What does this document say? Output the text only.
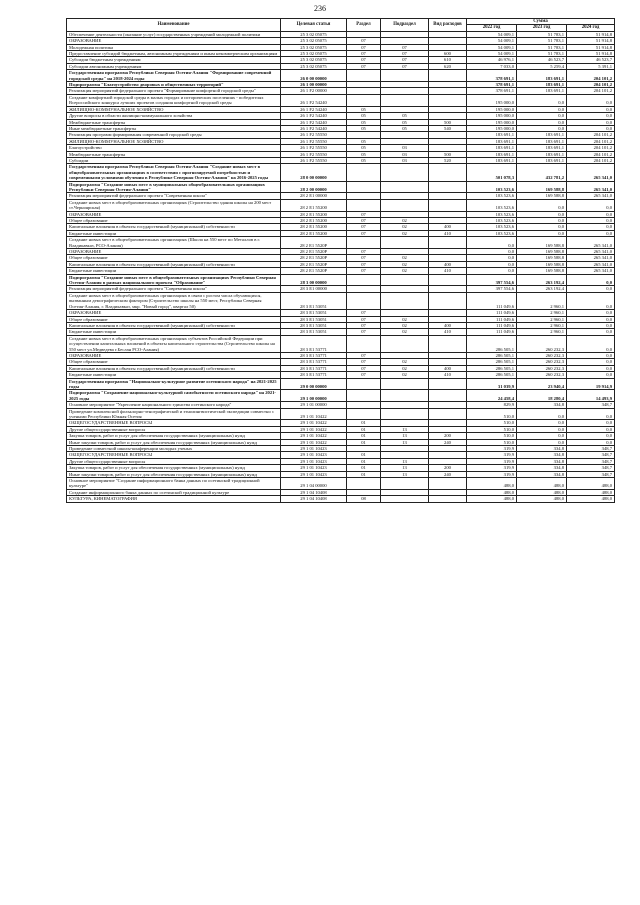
236
Наименование	Целевая статья	Раздел	Подраздел	Вид расходов	Сумма		
					2022 год	2023 год	2024 год
Обеспечение деятельности (оказание услуг) государственных учреждений молодежной политики	25 3 02 05075				54 009,1	51 783,1	51 914,8
ОБРАЗОВАНИЕ	25 3 02 05075	07			54 009,1	51 783,1	51 914,8
Молодежная политика	25 3 02 05075	07	07		54 009,1	51 783,1	51 914,8
Предоставление субсидий бюджетным, автономным учреждениям и иным некоммерческим организациям	25 3 02 05075	07	07	600	54 009,1	51 783,1	51 914,8
Субсидии бюджетным учреждениям	25 3 02 05075	07	07	610	46 976,1	46 523,7	46 523,7
Субсидии автономным учреждениям	25 3 02 05075	07	07	620	7 033,0	5 259,4	5 391,1
Государственная программа Республики Северная Осетия-Алания "Формирование современной городской среды" на 2018-2024 годы	26 0 00 00000				378 691,1	183 691,1	204 101,2
Подпрограмма "Благоустройство дворовых и общественных территорий"	26 1 00 00000				378 691,1	183 691,1	204 101,2
Реализация мероприятий федерального проекта "Формирование комфортной городской среды"	26 1 F2 00000				378 691,1	183 691,1	204 101,2
Создание комфортной городской среды в малых городах и исторических поселениях - победителях Всероссийского конкурса лучших проектов создания комфортной городской среды	26 1 F2 54240				195 000,0	0,0	0,0
ЖИЛИЩНО-КОММУНАЛЬНОЕ ХОЗЯЙСТВО	26 1 F2 54240	05			195 000,0	0,0	0,0
Другие вопросы в области жилищно-коммунального хозяйства	26 1 F2 54240	05	05		195 000,0	0,0	0,0
Межбюджетные трансферты	26 1 F2 54240	05	05	500	195 000,0	0,0	0,0
Иные межбюджетные трансферты	26 1 F2 54240	05	05	540	195 000,0	0,0	0,0
Реализация программ формирования современной городской среды	26 1 F2 55550				183 691,1	183 691,1	204 101,2
ЖИЛИЩНО-КОММУНАЛЬНОЕ ХОЗЯЙСТВО	26 1 F2 55550	05			183 691,1	183 691,1	204 101,2
Благоустройство	26 1 F2 55550	05	03		183 691,1	183 691,1	204 101,2
Межбюджетные трансферты	26 1 F2 55550	05	03	500	183 691,1	183 691,1	204 101,2
Субсидии	26 1 F2 55550	05	03	520	183 691,1	183 691,1	204 101,2
Государственная программа Республики Северная Осетия-Алания "Создание новых мест в общеобразовательных организациях в соответствии с прогнозируемой потребностью и современными условиями обучения в Республике Северная Осетия-Алания" на 2016-2025 годы	28 0 00 00000				501 078,3	432 781,2	265 341,0
Подпрограмма "Создание новых мест в муниципальных общеобразовательных организациях Республики Северная Осетия-Алания"	28 2 00 00000				103 523,6	169 588,8	265 341,0
Реализация мероприятий федерального проекта "Современная школа"	28 2 E1 00000				103 523,6	169 588,8	265 341,0
Создание новых мест в общеобразовательных организациях (Строительство здания школы на 200 мест ст.Черноярская)	28 2 E1 55200				103 523,6	0,0	0,0
ОБРАЗОВАНИЕ	28 2 E1 55200	07			103 523,6	0,0	0,0
Общее образование	28 2 E1 55200	07	02		103 523,6	0,0	0,0
Капитальные вложения в объекты государственной (муниципальной) собственности	28 2 E1 55200	07	02	400	103 523,6	0,0	0,0
Бюджетные инвестиции	28 2 E1 55200	07	02	410	103 523,6	0,0	0,0
Создание новых мест в общеобразовательных организациях (Школа на 550 мест по Металлов в г. Владикавказ, РСО-Алания)	28 2 E1 5520P				0,0	169 588,8	265 341,0
ОБРАЗОВАНИЕ	28 2 E1 5520P	07			0,0	169 588,8	265 341,0
Общее образование	28 2 E1 5520P	07	02		0,0	169 588,8	265 341,0
Капитальные вложения в объекты государственной (муниципальной) собственности	28 2 E1 5520P	07	02	400	0,0	169 588,8	265 341,0
Бюджетные инвестиции	28 2 E1 5520P	07	02	410	0,0	169 588,8	265 341,0
Подпрограмма "Создание новых мест в общеобразовательных организациях Республики Северная Осетия-Алания в рамках национального проекта "Образование"	28 3 00 00000				397 554,6	263 192,4	0,0
Реализация мероприятий федерального проекта "Современная школа"	28 3 E1 00000				397 554,6	263 192,4	0,0
Создание новых мест в общеобразовательных организациях в связи с ростом числа обучающихся, вызванным демографическим фактором (Строительство школы на 550 мест, Республика Северная Осетия-Алания, г. Владикавказ, мкр. "Новый город", квартал 50)	28 3 E1 53051				111 049,6	2 960,1	0,0
ОБРАЗОВАНИЕ	28 3 E1 53051	07			111 049,6	2 960,1	0,0
Общее образование	28 3 E1 53051	07	02		111 049,6	2 960,1	0,0
Капитальные вложения в объекты государственной (муниципальной) собственности	28 3 E1 53051	07	02	400	111 049,6	2 960,1	0,0
Бюджетные инвестиции	28 3 E1 53051	07	02	410	111 049,6	2 960,1	0,0
Создание новых мест в общеобразовательных организациях субъектов Российской Федерации при осуществлении капитальных вложений в объекты капитального строительства (Строительство школы на 550 мест ул.Медведева г.Беслан РСО-Алания)	28 3 E1 53771				286 505,1	260 232,3	0,0
ОБРАЗОВАНИЕ	28 3 E1 53771	07			286 505,1	260 232,3	0,0
Общее образование	28 3 E1 53771	07	02		286 505,1	260 232,3	0,0
Капитальные вложения в объекты государственной (муниципальной) собственности	28 3 E1 53771	07	02	400	286 505,1	260 232,3	0,0
Бюджетные инвестиции	28 3 E1 53771	07	02	410	286 505,1	260 232,3	0,0
Государственная программа "Национально-культурное развитие осетинского народа" на 2021-2025 годы	29 0 00 00000				31 039,9	23 940,4	19 914,9
Подпрограмма "Сохранение национально-культурной самобытности осетинского народа" на 2021-2025 годы	29 1 00 00000				24 458,4	18 280,4	14 493,9
Основное мероприятие "Укрепление национального единства осетинского народа"	29 1 01 00000				829,9	334,8	348,7
Проведение комплексной фольклорно-этнографической и этнолингвистической экспедиции совместно с учеными Республики Южная Осетия	29 1 01 10422				510,0	0,0	0,0
ОБЩЕГОСУДАРСТВЕННЫЕ ВОПРОСЫ	29 1 01 10422	01			510,0	0,0	0,0
Другие общегосударственные вопросы	29 1 01 10422	01	13		510,0	0,0	0,0
Закупка товаров, работ и услуг для обеспечения государственных (муниципальных) нужд	29 1 01 10422	01	13	200	510,0	0,0	0,0
Иные закупки товаров, работ и услуг для обеспечения государственных (муниципальных) нужд	29 1 01 10422	01	13	240	510,0	0,0	0,0
Проведение совместной школы-конференции молодых ученых	29 1 01 10423				319,9	334,8	348,7
ОБЩЕГОСУДАРСТВЕННЫЕ ВОПРОСЫ	29 1 01 10423	01			319,9	334,8	348,7
Другие общегосударственные вопросы	29 1 01 10423	01	13		319,9	334,8	348,7
Закупка товаров, работ и услуг для обеспечения государственных (муниципальных) нужд	29 1 01 10423	01	13	200	319,9	334,8	348,7
Иные закупки товаров, работ и услуг для обеспечения государственных (муниципальных) нужд	29 1 01 10423	01	13	240	319,9	334,8	348,7
Основное мероприятие "Создание информационного банка данных по осетинской традиционной культуре"	29 1 04 00000				488,0	488,0	488,0
Создание информационного банка данных по осетинской традиционной культуре	29 1 04 10408				488,0	488,0	488,0
КУЛЬТУРА, КИНЕМАТОГРАФИЯ	29 1 04 10408	08			488,0	488,0	488,0
